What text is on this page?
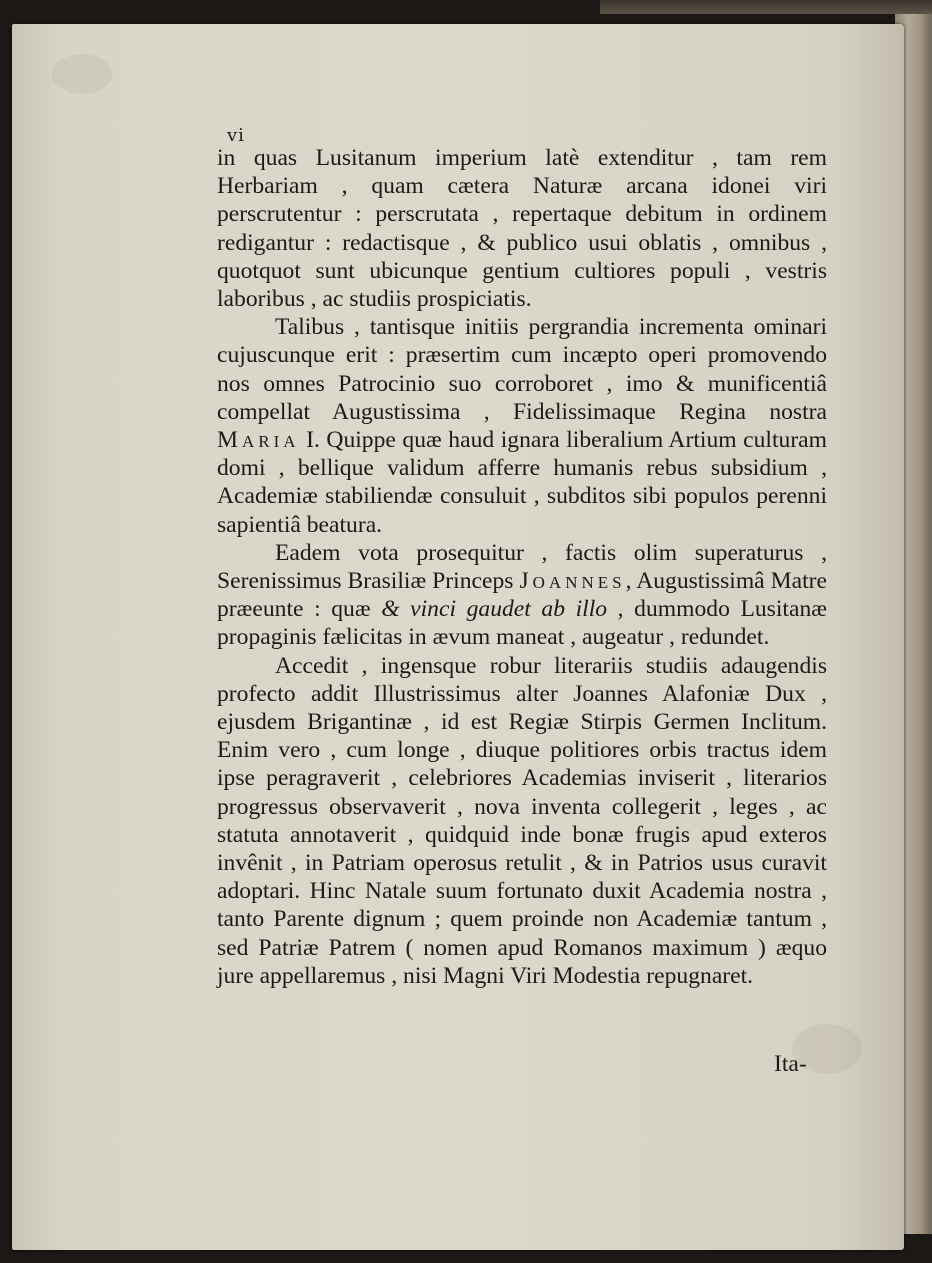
vi

in quas Lusitanum imperium latè extenditur , tam rem Herbariam , quam cætera Naturæ arcana idonei viri perscrutentur : perscrutata , repertaque debitum in ordinem redigantur : redactisque , & publico usui oblatis , omnibus , quotquot sunt ubicunque gentium cultiores populi , vestris laboribus , ac studiis prospiciatis.

Talibus , tantisque initiis pergrandia incrementa ominari cujuscunque erit : præsertim cum incæpto operi promovendo nos omnes Patrocinio suo corroboret , imo & munificentiâ compellat Augustissima , Fidelissimaque Regina nostra Maria I. Quippe quæ haud ignara liberalium Artium culturam domi , bellique validum afferre humanis rebus subsidium , Academiæ stabiliendæ consuluit , subditos sibi populos perenni sapientiâ beatura.

Eadem vota prosequitur , factis olim superaturus , Serenissimus Brasiliæ Princeps Joannes, Augustissimâ Matre præeunte : quæ & vinci gaudet ab illo , dummodo Lusitanæ propaginis fælicitas in ævum maneat , augeatur , redundet.

Accedit , ingensque robur literariis studiis adaugendis profecto addit Illustrissimus alter Joannes Alafoniæ Dux , ejusdem Brigantinæ , id est Regiæ Stirpis Germen Inclitum. Enim vero , cum longe , diuque politiores orbis tractus idem ipse peragraverit , celebriores Academias inviserit , literarios progressus observaverit , nova inventa collegerit , leges , ac statuta annotaverit , quidquid inde bonæ frugis apud exteros invênit , in Patriam operosus retulit , & in Patrios usus curavit adoptari. Hinc Natale suum fortunato duxit Academia nostra , tanto Parente dignum ; quem proinde non Academiæ tantum , sed Patriæ Patrem ( nomen apud Romanos maximum ) æquo jure appellaremus , nisi Magni Viri Modestia repugnaret.

Ita-
